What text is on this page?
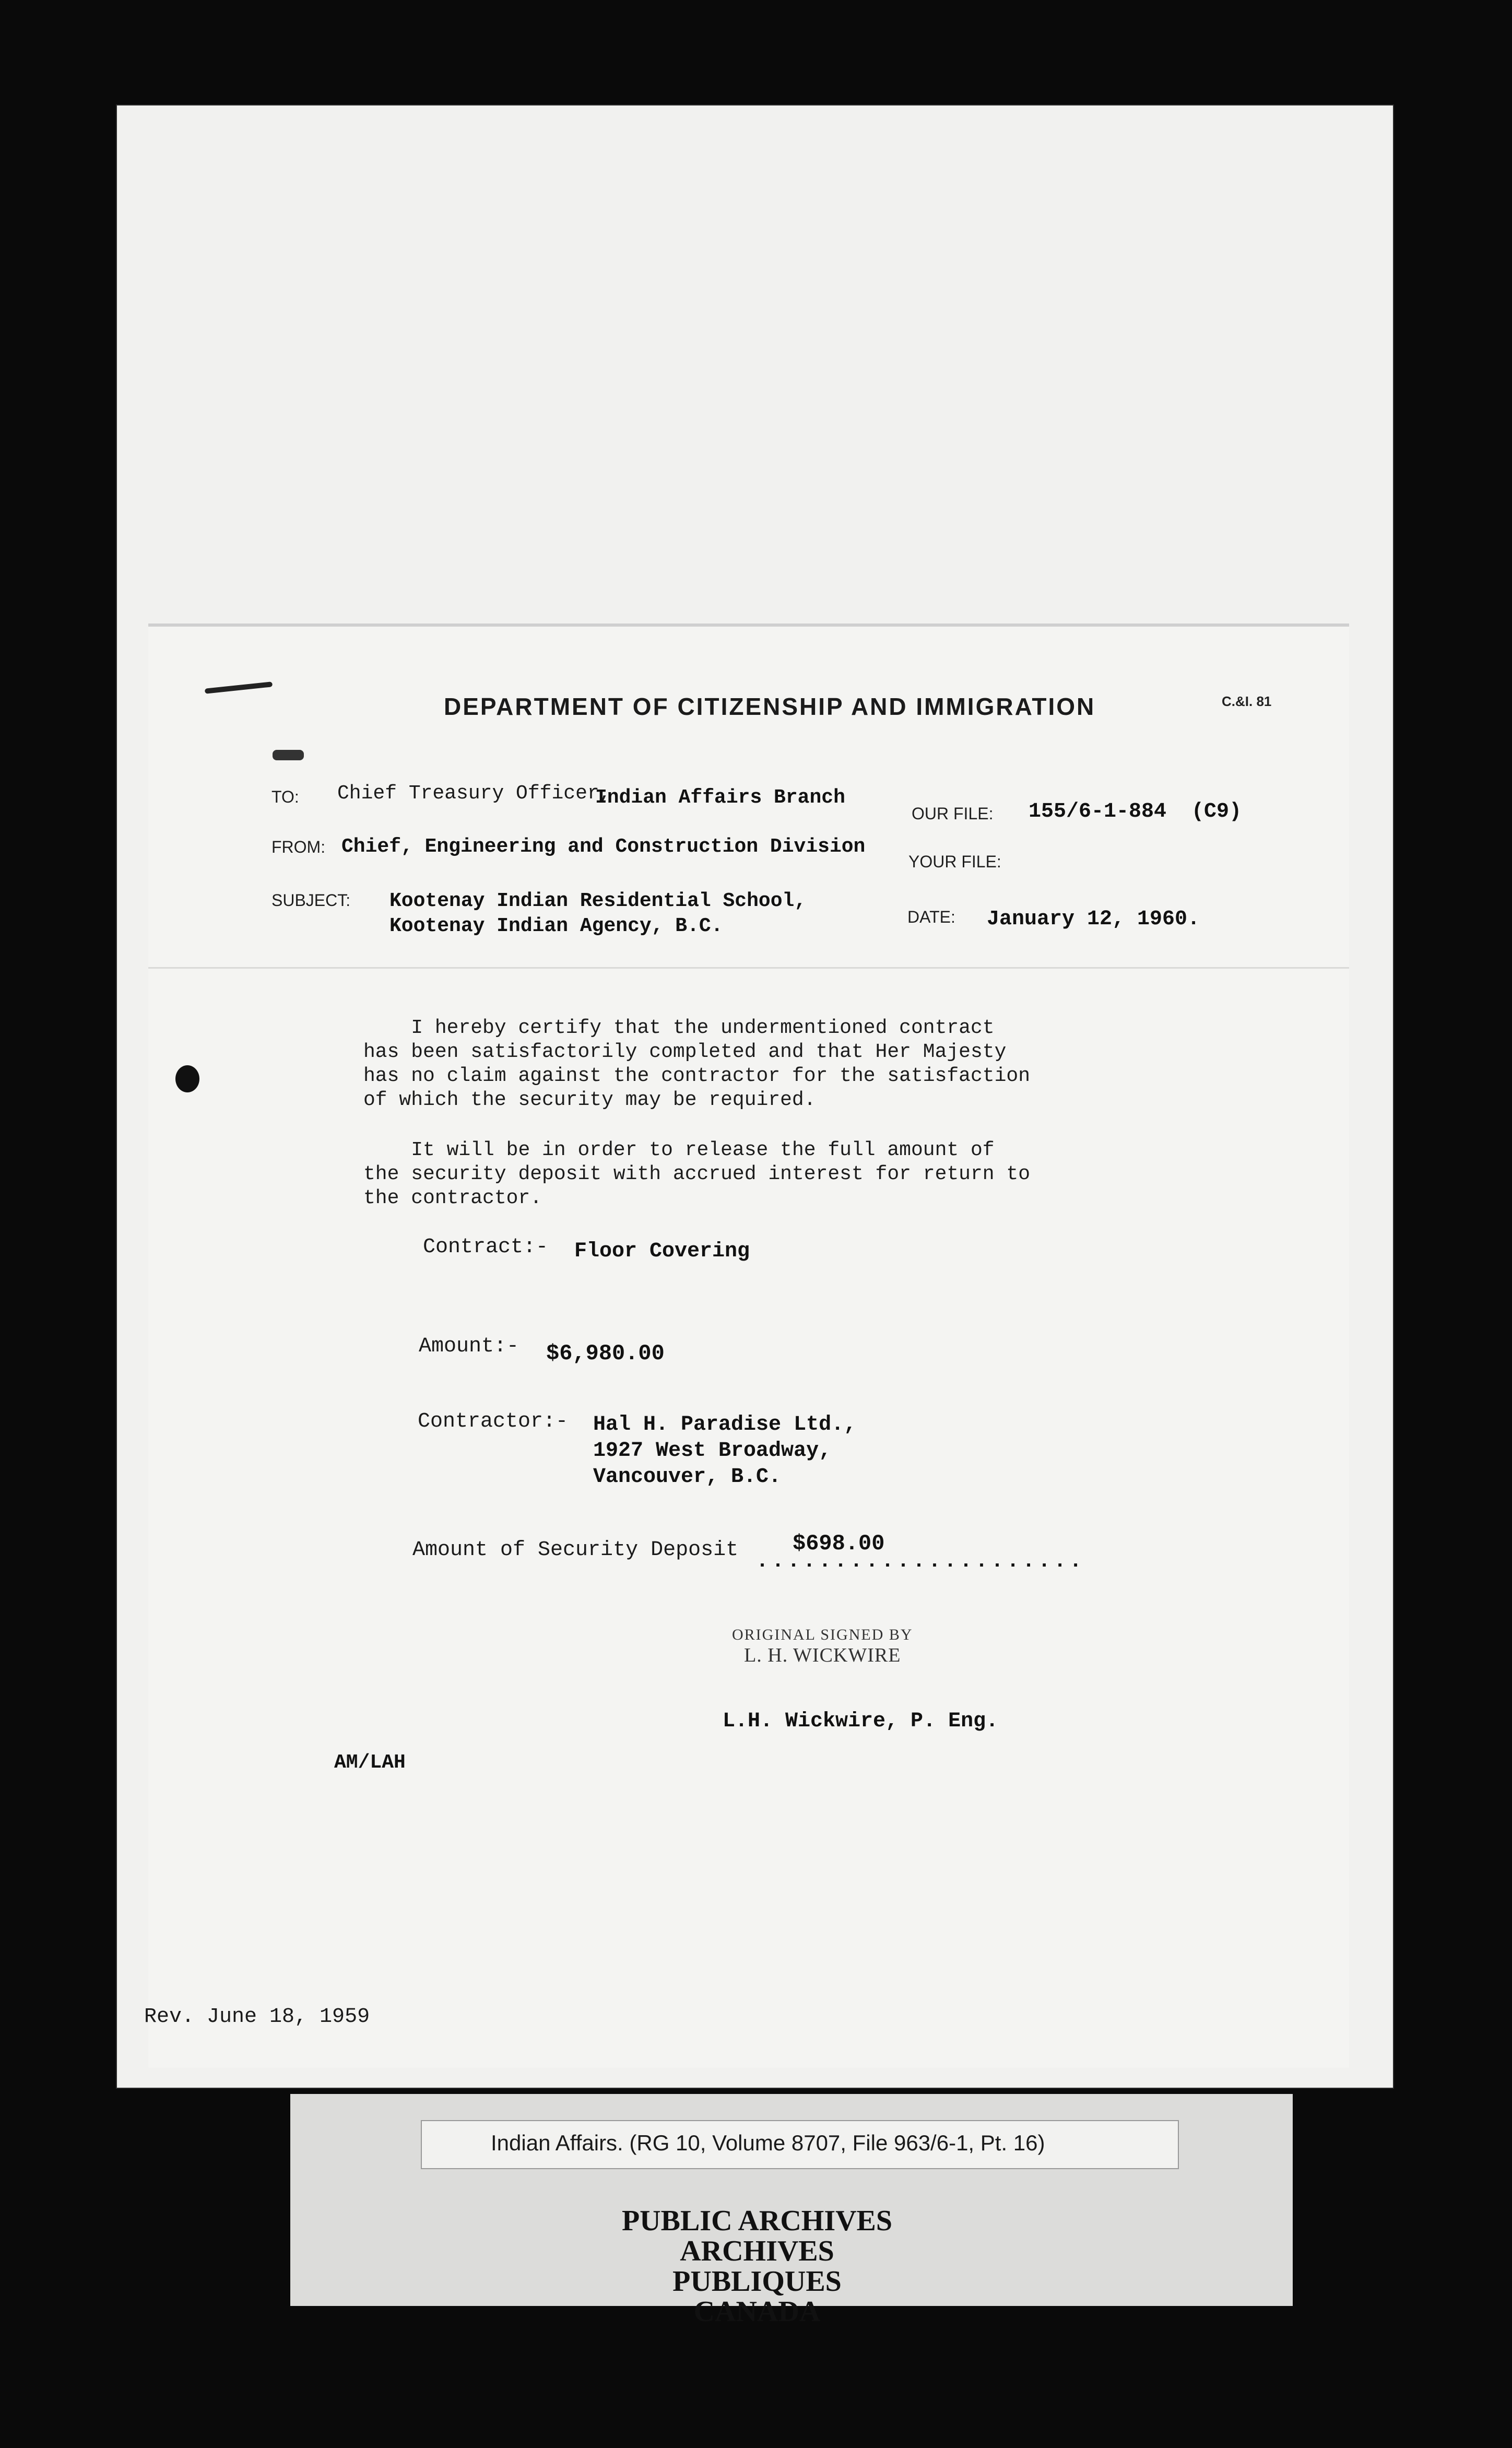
DEPARTMENT OF CITIZENSHIP AND IMMIGRATION	C.&I. 81
TO: Chief Treasury Officer,
Indian Affairs Branch
OUR FILE: 155/6-1-884  (C9)
FROM: Chief, Engineering and Construction Division
YOUR FILE:
SUBJECT: Kootenay Indian Residential School,
Kootenay Indian Agency, B.C.	DATE: January 12, 1960.

I hereby certify that the undermentioned contract
has been satisfactorily completed and that Her Majesty
has no claim against the contractor for the satisfaction
of which the security may be required.

It will be in order to release the full amount of
the security deposit with accrued interest for return to
the contractor.

Contract:- Floor Covering
Amount:- $6,980.00
Contractor:- Hal H. Paradise Ltd.,
1927 West Broadway,
Vancouver, B.C.
Amount of Security Deposit $698.00
.....................
ORIGINAL SIGNED BY
L. H. WICKWIRE
L.H. Wickwire, P. Eng.
AM/LAH
Rev. June 18, 1959
Indian Affairs. (RG 10, Volume 8707, File 963/6-1, Pt. 16)
PUBLIC ARCHIVES
ARCHIVES PUBLIQUES
CANADA
